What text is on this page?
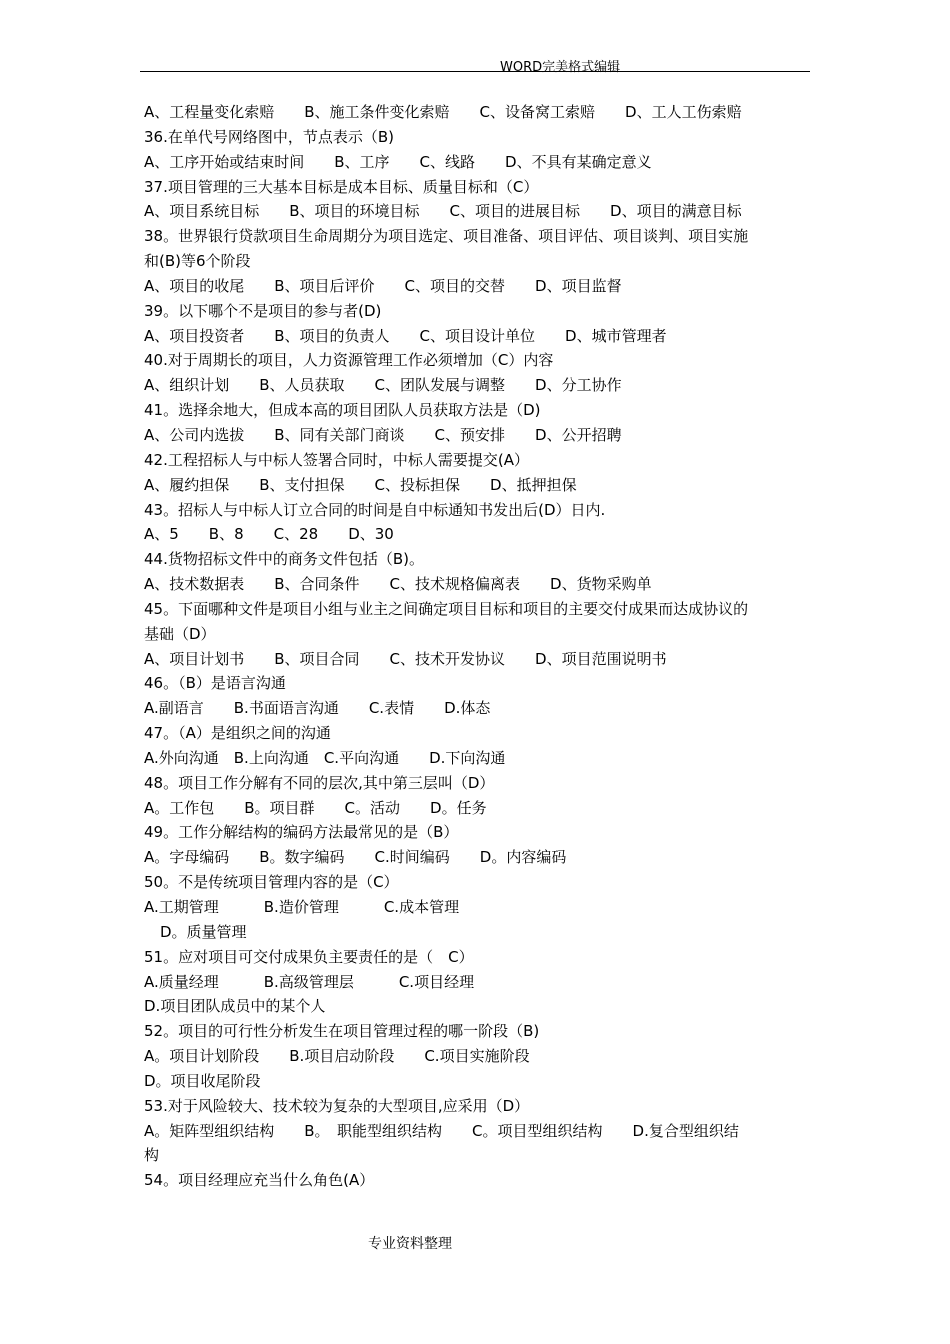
WORD完美格式编辑
A、工程量变化索赔　　B、施工条件变化索赔　　C、设备窝工索赔　　D、工人工伤索赔
36.在单代号网络图中，节点表示（B)
A、工序开始或结束时间　　B、工序　　C、线路　　D、不具有某确定意义
37.项目管理的三大基本目标是成本目标、质量目标和（C）
A、项目系统目标　　B、项目的环境目标　　C、项目的进展目标　　D、项目的满意目标
38。世界银行贷款项目生命周期分为项目选定、项目准备、项目评估、项目谈判、项目实施
和(B)等6个阶段
A、项目的收尾　　B、项目后评价　　C、项目的交替　　D、项目监督
39。以下哪个不是项目的参与者(D)
A、项目投资者　　B、项目的负责人　　C、项目设计单位　　D、城市管理者
40.对于周期长的项目，人力资源管理工作必须增加（C）内容
A、组织计划　　B、人员获取　　C、团队发展与调整　　D、分工协作
41。选择余地大，但成本高的项目团队人员获取方法是（D)
A、公司内选拔　　B、同有关部门商谈　　C、预安排　　D、公开招聘
42.工程招标人与中标人签署合同时，中标人需要提交(A）
A、履约担保　　B、支付担保　　C、投标担保　　D、抵押担保
43。招标人与中标人订立合同的时间是自中标通知书发出后(D）日内.
A、5　　B、8　　C、28　　D、30
44.货物招标文件中的商务文件包括（B)。
A、技术数据表　　B、合同条件　　C、技术规格偏离表　　D、货物采购单
45。下面哪种文件是项目小组与业主之间确定项目目标和项目的主要交付成果而达成协议的
基础（D）
A、项目计划书　　B、项目合同　　C、技术开发协议　　D、项目范围说明书
46。（B）是语言沟通
A.副语言　　B.书面语言沟通　　C.表情　　D.体态
47。（A）是组织之间的沟通
A.外向沟通　B.上向沟通　C.平向沟通　　D.下向沟通
48。项目工作分解有不同的层次,其中第三层叫（D）
A。工作包　　B。项目群　　C。活动　　D。任务
49。工作分解结构的编码方法最常见的是（B）
A。字母编码　　B。数字编码　　C.时间编码　　D。内容编码
50。不是传统项目管理内容的是（C）
A.工期管理　　　B.造价管理　　　C.成本管理
D。质量管理
51。应对项目可交付成果负主要责任的是（　C）
A.质量经理　　　B.高级管理层　　　C.项目经理
D.项目团队成员中的某个人
52。项目的可行性分析发生在项目管理过程的哪一阶段（B)
A。项目计划阶段　　B.项目启动阶段　　C.项目实施阶段
D。项目收尾阶段
53.对于风险较大、技术较为复杂的大型项目,应采用（D）
A。矩阵型组织结构　　B。　职能型组织结构　　C。项目型组织结构　　D.复合型组织结
构
54。项目经理应充当什么角色(A）
专业资料整理
